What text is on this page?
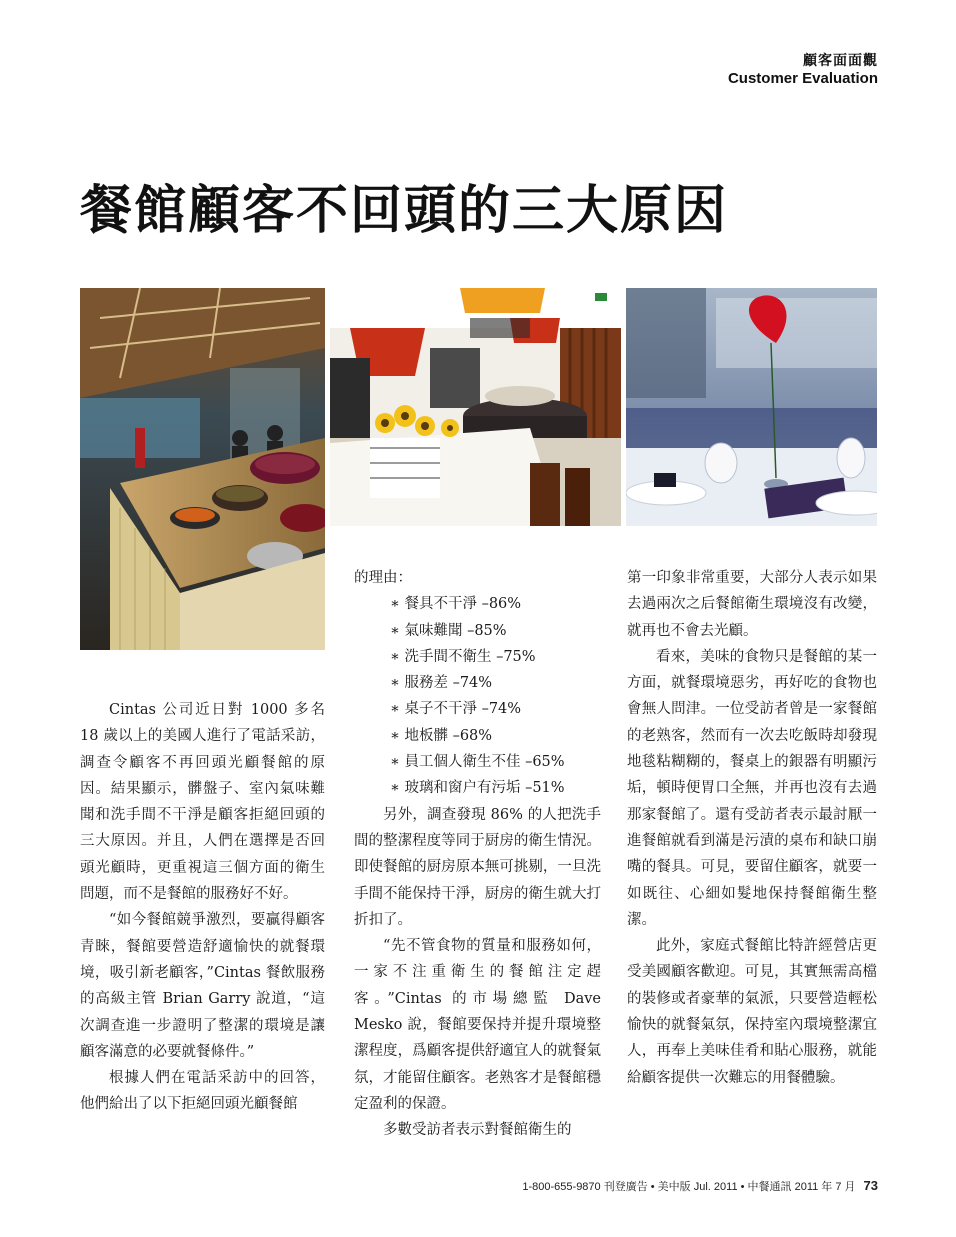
顧客面面觀
Customer Evaluation
餐館顧客不回頭的三大原因

Cintas 公司近日對 1000 多名 18 歲以上的美國人進行了電話采訪，調查令顧客不再回頭光顧餐館的原因。結果顯示，髒盤子、室內氣味難聞和洗手間不干淨是顧客拒絕回頭的三大原因。并且，人們在選擇是否回頭光顧時，更重視這三個方面的衛生問題，而不是餐館的服務好不好。

“如今餐館競爭激烈，要贏得顧客青睞，餐館要營造舒適愉快的就餐環境，吸引新老顧客，”Cintas 餐飲服務的高級主管 Brian Garry 說道，“這次調查進一步證明了整潔的環境是讓顧客滿意的必要就餐條件。”

根據人們在電話采訪中的回答，他們給出了以下拒絕回頭光顧餐館

的理由：

∗ 餐具不干淨 –86%
∗ 氣味難聞 –85%
∗ 洗手間不衛生 –75%
∗ 服務差 –74%
∗ 桌子不干淨 –74%
∗ 地板髒 –68%
∗ 員工個人衛生不佳 –65%
∗ 玻璃和窗户有污垢 –51%

另外，調查發現 86% 的人把洗手間的整潔程度等同于厨房的衛生情況。即使餐館的厨房原本無可挑剔，一旦洗手間不能保持干淨，厨房的衛生就大打折扣了。

“先不管食物的質量和服務如何，一家不注重衛生的餐館注定趕客。”Cintas 的市場總監 Dave Mesko 說，餐館要保持并提升環境整潔程度，爲顧客提供舒適宜人的就餐氣氛，才能留住顧客。老熟客才是餐館穩定盈利的保證。

多數受訪者表示對餐館衛生的

第一印象非常重要，大部分人表示如果去過兩次之后餐館衛生環境沒有改變，就再也不會去光顧。

看來，美味的食物只是餐館的某一方面，就餐環境惡劣，再好吃的食物也會無人問津。一位受訪者曾是一家餐館的老熟客，然而有一次去吃飯時却發現地毯粘糊糊的，餐桌上的銀器有明顯污垢，頓時便胃口全無，并再也沒有去過那家餐館了。還有受訪者表示最討厭一進餐館就看到滿是污漬的桌布和缺口崩嘴的餐具。可見，要留住顧客，就要一如既往、心細如髮地保持餐館衛生整潔。

此外，家庭式餐館比特許經營店更受美國顧客歡迎。可見，其實無需高檔的裝修或者豪華的氣派，只要營造輕松愉快的就餐氣氛，保持室內環境整潔宜人，再奉上美味佳肴和貼心服務，就能給顧客提供一次難忘的用餐體驗。

1-800-655-9870 刊登廣告 • 美中版 Jul. 2011 • 中餐通訊 2011 年 7 月 73
